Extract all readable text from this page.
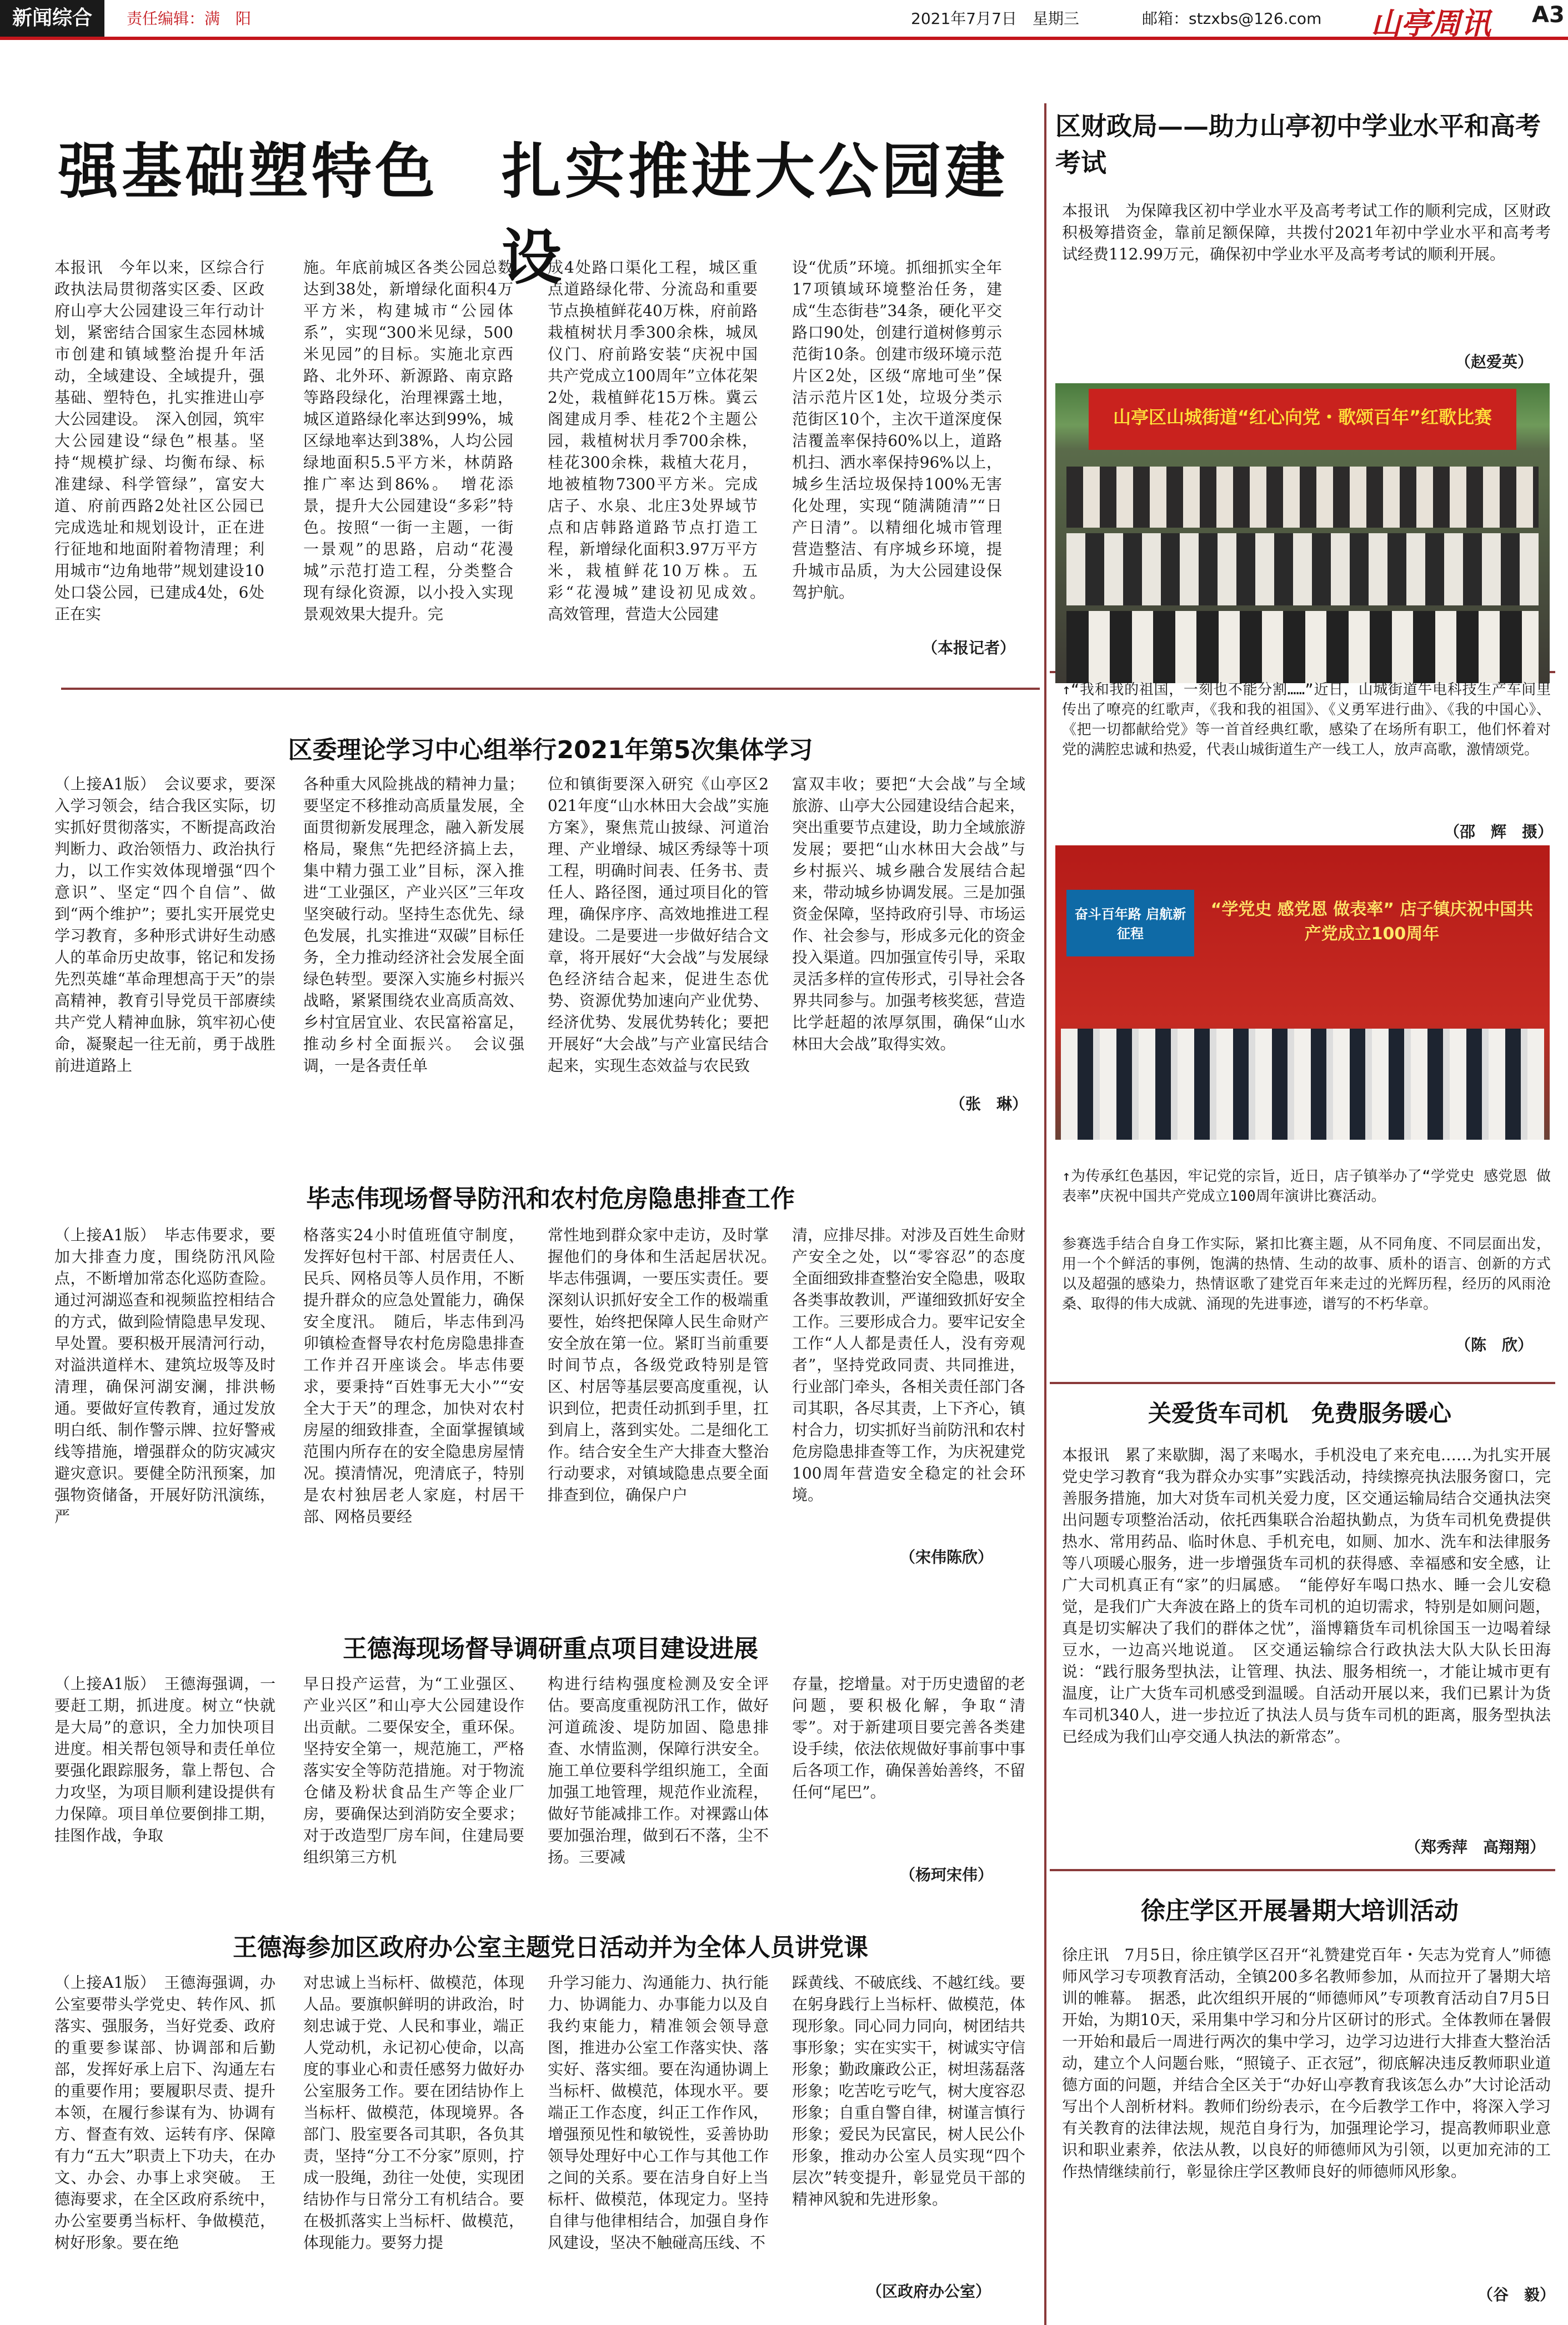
新闻综合	责任编辑：满　阳	2021年7月7日　星期三	邮箱：stzxbs@126.com 山亭周讯 A3
强基础塑特色　扎实推进大公园建设
本报讯　今年以来，区综合行政执法局贯彻落实区委、区政府山亭大公园建设三年行动计划，紧密结合国家生态园林城市创建和镇域整治提升年活动，全域建设、全域提升，强基础、塑特色，扎实推进山亭大公园建设。　深入创园，筑牢大公园建设“绿色”根基。坚持“规模扩绿、均衡布绿、标准建绿、科学管绿”，富安大道、府前西路2处社区公园已完成选址和规划设计，正在进行征地和地面附着物清理；利用城市“边角地带”规划建设10处口袋公园，已建成4处，6处正在实
施。年底前城区各类公园总数达到38处，新增绿化面积4万平方米，构建城市“公园体系”，实现“300米见绿，500米见园”的目标。实施北京西路、北外环、新源路、南京路等路段绿化，治理裸露土地，城区道路绿化率达到99%，城区绿地率达到38%，人均公园绿地面积5.5平方米，林荫路推广率达到86%。　增花添景，提升大公园建设“多彩”特色。按照“一街一主题，一街一景观”的思路，启动“花漫城”示范打造工程，分类整合现有绿化资源，以小投入实现景观效果大提升。完
成4处路口渠化工程，城区重点道路绿化带、分流岛和重要节点换植鲜花40万株，府前路栽植树状月季300余株，城凤仪门、府前路安装“庆祝中国共产党成立100周年”立体花架2处，栽植鲜花15万株。冀云阁建成月季、桂花2个主题公园，栽植树状月季700余株，桂花300余株，栽植大花月，地被植物7300平方米。完成店子、水泉、北庄3处界域节点和店韩路道路节点打造工程，新增绿化面积3.97万平方米，栽植鲜花10万株。五彩“花漫城”建设初见成效。　高效管理，营造大公园建
设“优质”环境。抓细抓实全年17项镇域环境整治任务，建成“生态街巷”34条，硬化平交路口90处，创建行道树修剪示范街10条。创建市级环境示范片区2处，区级“席地可坐”保洁示范片区1处，垃圾分类示范街区10个，主次干道深度保洁覆盖率保持60%以上，道路机扫、洒水率保持96%以上，城乡生活垃圾保持100%无害化处理，实现“随满随清”“日产日清”。以精细化城市管理营造整洁、有序城乡环境，提升城市品质，为大公园建设保驾护航。
（本报记者）
区财政局——助力山亭初中学业水平和高考考试
本报讯　为保障我区初中学业水平及高考考试工作的顺利完成，区财政积极筹措资金，靠前足额保障，共拨付2021年初中学业水平和高考考试经费112.99万元，确保初中学业水平及高考考试的顺利开展。
（赵爱英）
山亭区山城街道“红心向党・歌颂百年”红歌比赛
↑“我和我的祖国，一刻也不能分割……”近日，山城街道牛电科技生产车间里传出了嘹亮的红歌声，《我和我的祖国》、《义勇军进行曲》、《我的中国心》、《把一切都献给党》等一首首经典红歌，感染了在场所有职工，他们怀着对党的满腔忠诚和热爱，代表山城街道生产一线工人，放声高歌，激情颂党。
（邵　辉　摄）
区委理论学习中心组举行2021年第5次集体学习
（上接A1版）　会议要求，要深入学习领会，结合我区实际，切实抓好贯彻落实，不断提高政治判断力、政治领悟力、政治执行力，以工作实效体现增强“四个意识”、坚定“四个自信”、做到“两个维护”；要扎实开展党史学习教育，多种形式讲好生动感人的革命历史故事，铭记和发扬先烈英雄“革命理想高于天”的崇高精神，教育引导党员干部赓续共产党人精神血脉，筑牢初心使命，凝聚起一往无前，勇于战胜前进道路上
各种重大风险挑战的精神力量；要坚定不移推动高质量发展，全面贯彻新发展理念，融入新发展格局，聚焦“先把经济搞上去，集中精力强工业”目标，深入推进“工业强区，产业兴区”三年攻坚突破行动。坚持生态优先、绿色发展，扎实推进“双碳”目标任务，全力推动经济社会发展全面绿色转型。要深入实施乡村振兴战略，紧紧围绕农业高质高效、乡村宜居宜业、农民富裕富足，推动乡村全面振兴。　会议强调，一是各责任单
位和镇街要深入研究《山亭区2021年度“山水林田大会战”实施方案》，聚焦荒山披绿、河道治理、产业增绿、城区秀绿等十项工程，明确时间表、任务书、责任人、路径图，通过项目化的管理，确保序序、高效地推进工程建设。二是要进一步做好结合文章，将开展好“大会战”与发展绿色经济结合起来，促进生态优势、资源优势加速向产业优势、经济优势、发展优势转化；要把开展好“大会战”与产业富民结合起来，实现生态效益与农民致
富双丰收；要把“大会战”与全域旅游、山亭大公园建设结合起来，突出重要节点建设，助力全域旅游发展；要把“山水林田大会战”与乡村振兴、城乡融合发展结合起来，带动城乡协调发展。三是加强资金保障，坚持政府引导、市场运作、社会参与，形成多元化的资金投入渠道。四加强宣传引导，采取灵活多样的宣传形式，引导社会各界共同参与。加强考核奖惩，营造比学赶超的浓厚氛围，确保“山水林田大会战”取得实效。
（张　琳）
奋斗百年路 启航新征程
“学党史 感党恩 做表率” 店子镇庆祝中国共产党成立100周年
↑为传承红色基因，牢记党的宗旨，近日，店子镇举办了“学党史 感党恩 做表率”庆祝中国共产党成立100周年演讲比赛活动。
参赛选手结合自身工作实际，紧扣比赛主题，从不同角度、不同层面出发，用一个个鲜活的事例，饱满的热情、生动的故事、质朴的语言、创新的方式以及超强的感染力，热情讴歌了建党百年来走过的光辉历程，经历的风雨沧桑、取得的伟大成就、涌现的先进事迹，谱写的不朽华章。
（陈　欣）
毕志伟现场督导防汛和农村危房隐患排查工作
（上接A1版）　毕志伟要求，要加大排查力度，围绕防汛风险点，不断增加常态化巡防查险。通过河湖巡查和视频监控相结合的方式，做到险情隐患早发现、早处置。要积极开展清河行动，对溢洪道样木、建筑垃圾等及时清理，确保河湖安澜，排洪畅通。要做好宣传教育，通过发放明白纸、制作警示牌、拉好警戒线等措施，增强群众的防灾减灾避灾意识。要健全防汛预案，加强物资储备，开展好防汛演练，严
格落实24小时值班值守制度，发挥好包村干部、村居责任人、民兵、网格员等人员作用，不断提升群众的应急处置能力，确保安全度汛。　随后，毕志伟到冯卯镇检查督导农村危房隐患排查工作并召开座谈会。毕志伟要求，要秉持“百姓事无大小”“安全大于天”的理念，加快对农村房屋的细致排查，全面掌握镇域范围内所存在的安全隐患房屋情况。摸清情况，兜清底子，特别是农村独居老人家庭，村居干部、网格员要经
常性地到群众家中走访，及时掌握他们的身体和生活起居状况。　毕志伟强调，一要压实责任。要深刻认识抓好安全工作的极端重要性，始终把保障人民生命财产安全放在第一位。紧盯当前重要时间节点，各级党政特别是管区、村居等基层要高度重视，认识到位，把责任动抓到手里，扛到肩上，落到实处。二是细化工作。结合安全生产大排查大整治行动要求，对镇域隐患点要全面排查到位，确保户户
清，应排尽排。对涉及百姓生命财产安全之处，以“零容忍”的态度全面细致排查整治安全隐患，吸取各类事故教训，严谨细致抓好安全工作。三要形成合力。要牢记安全工作“人人都是责任人，没有旁观者”，坚持党政同责、共同推进，行业部门牵头，各相关责任部门各司其职，各尽其责，上下齐心，镇村合力，切实抓好当前防汛和农村危房隐患排查等工作，为庆祝建党100周年营造安全稳定的社会环境。
（宋伟陈欣）
关爱货车司机　免费服务暖心
本报讯　累了来歇脚，渴了来喝水，手机没电了来充电……为扎实开展党史学习教育“我为群众办实事”实践活动，持续擦亮执法服务窗口，完善服务措施，加大对货车司机关爱力度，区交通运输局结合交通执法突出问题专项整治活动，依托西集联合治超执勤点，为货车司机免费提供热水、常用药品、临时休息、手机充电，如厕、加水、洗车和法律服务等八项暖心服务，进一步增强货车司机的获得感、幸福感和安全感，让广大司机真正有“家”的归属感。　“能停好车喝口热水、睡一会儿安稳觉，是我们广大奔波在路上的货车司机的迫切需求，特别是如厕问题，真是切实解决了我们的群体之忧”，淄博籍货车司机徐国玉一边喝着绿豆水，一边高兴地说道。　区交通运输综合行政执法大队大队长田海说：“践行服务型执法，让管理、执法、服务相统一，才能让城市更有温度，让广大货车司机感受到温暖。自活动开展以来，我们已累计为货车司机340人，进一步拉近了执法人员与货车司机的距离，服务型执法已经成为我们山亭交通人执法的新常态”。
（郑秀萍　高翔翔）
王德海现场督导调研重点项目建设进展
（上接A1版）　王德海强调，一要赶工期，抓进度。树立“快就是大局”的意识，全力加快项目进度。相关帮包领导和责任单位要强化跟踪服务，靠上帮包、合力攻坚，为项目顺利建设提供有力保障。项目单位要倒排工期，挂图作战，争取
早日投产运营，为“工业强区、产业兴区”和山亭大公园建设作出贡献。二要保安全，重环保。坚持安全第一，规范施工，严格落实安全等防范措施。对于物流仓储及粉状食品生产等企业厂房，要确保达到消防安全要求；对于改造型厂房车间，住建局要组织第三方机
构进行结构强度检测及安全评估。要高度重视防汛工作，做好河道疏浚、堤防加固、隐患排查、水情监测，保障行洪安全。施工单位要科学组织施工，全面加强工地管理，规范作业流程，做好节能减排工作。对裸露山体要加强治理，做到石不落，尘不扬。三要减
存量，挖增量。对于历史遗留的老问题，要积极化解，争取“清零”。对于新建项目要完善各类建设手续，依法依规做好事前事中事后各项工作，确保善始善终，不留任何“尾巴”。
（杨珂宋伟）
王德海参加区政府办公室主题党日活动并为全体人员讲党课
（上接A1版）　王德海强调，办公室要带头学党史、转作风、抓落实、强服务，当好党委、政府的重要参谋部、协调部和后勤部，发挥好承上启下、沟通左右的重要作用；要履职尽责、提升本领，在履行参谋有为、协调有方、督查有效、运转有序、保障有力“五大”职责上下功夫，在办文、办会、办事上求突破。　王德海要求，在全区政府系统中，办公室要勇当标杆、争做模范，树好形象。要在绝
对忠诚上当标杆、做模范，体现人品。要旗帜鲜明的讲政治，时刻忠诚于党、人民和事业，端正人党动机，永记初心使命，以高度的事业心和责任感努力做好办公室服务工作。要在团结协作上当标杆、做模范，体现境界。各部门、股室要各司其职，各负其责，坚持“分工不分家”原则，拧成一股绳，劲往一处使，实现团结协作与日常分工有机结合。要在极抓落实上当标杆、做模范，体现能力。要努力提
升学习能力、沟通能力、执行能力、协调能力、办事能力以及自我约束能力，精准领会领导意图，推进办公室工作落实快、落实好、落实细。要在沟通协调上当标杆、做模范，体现水平。要端正工作态度，纠正工作作风，增强预见性和敏锐性，妥善协助领导处理好中心工作与其他工作之间的关系。要在洁身自好上当标杆、做模范，体现定力。坚持自律与他律相结合，加强自身作风建设，坚决不触碰高压线、不
踩黄线、不破底线、不越红线。要在躬身践行上当标杆、做模范，体现形象。同心同力同向，树团结共事形象；实在实实干，树诚实守信形象；勤政廉政公正，树坦荡磊落形象；吃苦吃亏吃气，树大度容忍形象；自重自警自律，树谨言慎行形象；爱民为民富民，树人民公仆形象，推动办公室人员实现“四个层次”转变提升，彰显党员干部的精神风貌和先进形象。
（区政府办公室）
徐庄学区开展暑期大培训活动
徐庄讯　7月5日，徐庄镇学区召开“礼赞建党百年・矢志为党育人”师德师风学习专项教育活动，全镇200多名教师参加，从而拉开了暑期大培训的帷幕。　据悉，此次组织开展的“师德师风”专项教育活动自7月5日开始，为期10天，采用集中学习和分片区研讨的形式。全体教师在暑假一开始和最后一周进行两次的集中学习，边学习边进行大排查大整治活动，建立个人问题台账，“照镜子、正衣冠”，彻底解决违反教师职业道德方面的问题，并结合全区关于“办好山亭教育我该怎么办”大讨论活动写出个人剖析材料。教师们纷纷表示，在今后教学工作中，将深入学习有关教育的法律法规，规范自身行为，加强理论学习，提高教师职业意识和职业素养，依法从教，以良好的师德师风为引领，以更加充沛的工作热情继续前行，彰显徐庄学区教师良好的师德师风形象。
（谷　毅）
